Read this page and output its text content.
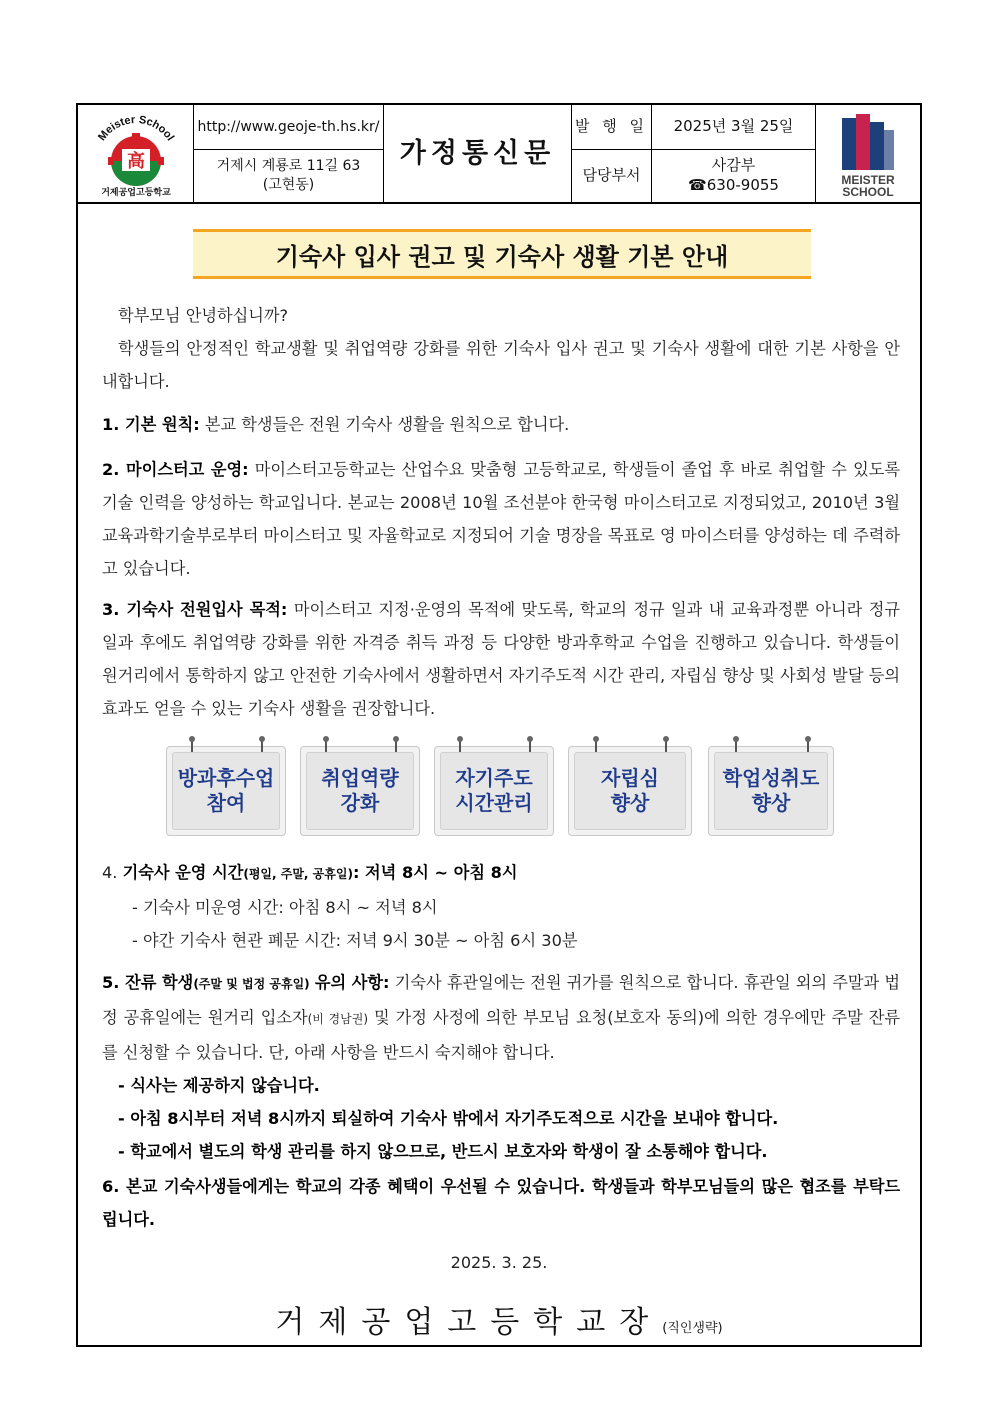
Meister School
高
거제공업고등학교
http://www.geoje-th.hs.kr/
거제시 계룡로 11길 63
(고현동)
가정통신문
발 행 일 2025년 3월 25일
담당부서
사감부
☎630-9055	MEISTER
SCHOOL
기숙사 입사 권고 및 기숙사 생활 기본 안내

학부모님 안녕하십니까?

학생들의 안정적인 학교생활 및 취업역량 강화를 위한 기숙사 입사 권고 및 기숙사 생활에 대한 기본 사항을 안내합니다.

1. 기본 원칙: 본교 학생들은 전원 기숙사 생활을 원칙으로 합니다.

2. 마이스터고 운영: 마이스터고등학교는 산업수요 맞춤형 고등학교로, 학생들이 졸업 후 바로 취업할 수 있도록 기술 인력을 양성하는 학교입니다. 본교는 2008년 10월 조선분야 한국형 마이스터고로 지정되었고, 2010년 3월 교육과학기술부로부터 마이스터고 및 자율학교로 지정되어 기술 명장을 목표로 영 마이스터를 양성하는 데 주력하고 있습니다.

3. 기숙사 전원입사 목적: 마이스터고 지정·운영의 목적에 맞도록, 학교의 정규 일과 내 교육과정뿐 아니라 정규 일과 후에도 취업역량 강화를 위한 자격증 취득 과정 등 다양한 방과후학교 수업을 진행하고 있습니다. 학생들이 원거리에서 통학하지 않고 안전한 기숙사에서 생활하면서 자기주도적 시간 관리, 자립심 향상 및 사회성 발달 등의 효과도 얻을 수 있는 기숙사 생활을 권장합니다.

방과후수업
참여
취업역량
강화
자기주도
시간관리
자립심
향상
학업성취도
향상

4. 기숙사 운영 시간(평일, 주말, 공휴일): 저녁 8시 ~ 아침 8시

- 기숙사 미운영 시간: 아침 8시 ~ 저녁 8시

- 야간 기숙사 현관 폐문 시간: 저녁 9시 30분 ~ 아침 6시 30분

5. 잔류 학생(주말 및 법정 공휴일) 유의 사항: 기숙사 휴관일에는 전원 귀가를 원칙으로 합니다. 휴관일 외의 주말과 법정 공휴일에는 원거리 입소자(비 경남권) 및 가정 사정에 의한 부모님 요청(보호자 동의)에 의한 경우에만 주말 잔류를 신청할 수 있습니다. 단, 아래 사항을 반드시 숙지해야 합니다.

- 식사는 제공하지 않습니다.

- 아침 8시부터 저녁 8시까지 퇴실하여 기숙사 밖에서 자기주도적으로 시간을 보내야 합니다.

- 학교에서 별도의 학생 관리를 하지 않으므로, 반드시 보호자와 학생이 잘 소통해야 합니다.

6. 본교 기숙사생들에게는 학교의 각종 혜택이 우선될 수 있습니다. 학생들과 학부모님들의 많은 협조를 부탁드립니다.

2025. 3. 25.
거제공업고등학교장(직인생략)
